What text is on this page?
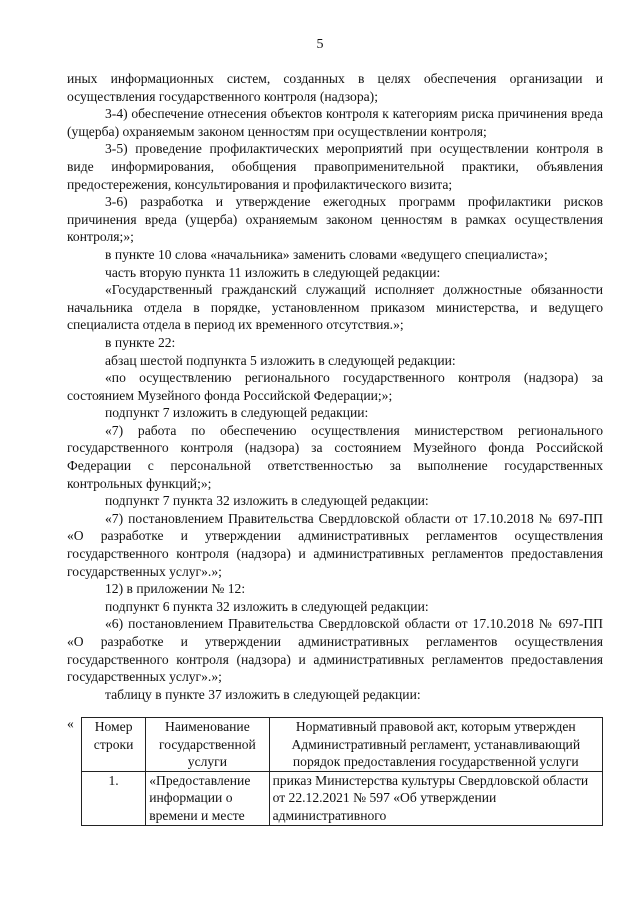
5

иных информационных систем, созданных в целях обеспечения организации и осуществления государственного контроля (надзора);

3-4) обеспечение отнесения объектов контроля к категориям риска причинения вреда (ущерба) охраняемым законом ценностям при осуществлении контроля;

3-5) проведение профилактических мероприятий при осуществлении контроля в виде информирования, обобщения правоприменительной практики, объявления предостережения, консультирования и профилактического визита;

3-6) разработка и утверждение ежегодных программ профилактики рисков причинения вреда (ущерба) охраняемым законом ценностям в рамках осуществления контроля;»;

в пункте 10 слова «начальника» заменить словами «ведущего специалиста»;

часть вторую пункта 11 изложить в следующей редакции:

«Государственный гражданский служащий исполняет должностные обязанности начальника отдела в порядке, установленном приказом министерства, и ведущего специалиста отдела в период их временного отсутствия.»;

в пункте 22:

абзац шестой подпункта 5 изложить в следующей редакции:

«по осуществлению регионального государственного контроля (надзора) за состоянием Музейного фонда Российской Федерации;»;

подпункт 7 изложить в следующей редакции:

«7) работа по обеспечению осуществления министерством регионального государственного контроля (надзора) за состоянием Музейного фонда Российской Федерации с персональной ответственностью за выполнение государственных контрольных функций;»;

подпункт 7 пункта 32 изложить в следующей редакции:

«7) постановлением Правительства Свердловской области от 17.10.2018 № 697-ПП «О разработке и утверждении административных регламентов осуществления государственного контроля (надзора) и административных регламентов предоставления государственных услуг».»;

12) в приложении № 12:

подпункт 6 пункта 32 изложить в следующей редакции:

«6) постановлением Правительства Свердловской области от 17.10.2018 № 697-ПП «О разработке и утверждении административных регламентов осуществления государственного контроля (надзора) и административных регламентов предоставления государственных услуг».»;

таблицу в пункте 37 изложить в следующей редакции:

« Номер строки	Наименование государственной услуги	Нормативный правовой акт, которым утвержден Административный регламент, устанавливающий порядок предоставления государственной услуги
1.	«Предоставление информации о времени и месте	приказ Министерства культуры Свердловской области от 22.12.2021 № 597 «Об утверждении административного
